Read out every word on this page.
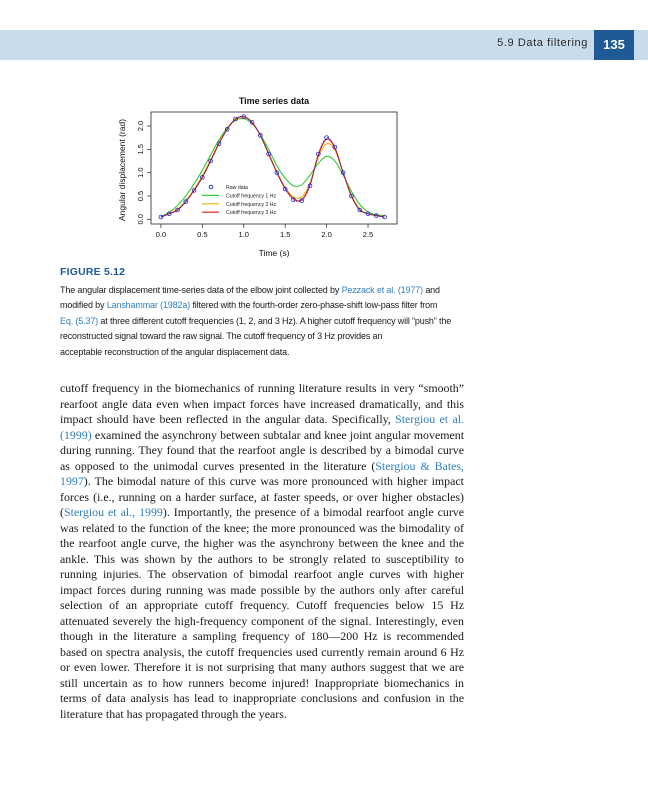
5.9 Data filtering	135
Time series data
0.0	0.5	1.0	1.5	2.0	2.5
0.0
0.5
1.0
1.5
2.0
Raw data
Cutoff frequency 1 Hz
Cutoff frequency 2 Hz
Cutoff frequency 3 Hz
Time (s)
Angular displacement (rad)
FIGURE 5.12
The angular displacement time-series data of the elbow joint collected by Pezzack et al. (1977) and
modified by Lanshammar (1982a) filtered with the fourth-order zero-phase-shift low-pass filter from
Eq. (5.37) at three different cutoff frequencies (1, 2, and 3 Hz). A higher cutoff frequency will “push” the
reconstructed signal toward the raw signal. The cutoff frequency of 3 Hz provides an
acceptable reconstruction of the angular displacement data.
cutoff frequency in the biomechanics of running literature results in very “smooth” rearfoot angle data even when impact forces have increased dramatically, and this impact should have been reflected in the angular data. Specifically, Stergiou et al. (1999) examined the asynchrony between subtalar and knee joint angular movement during running. They found that the rearfoot angle is described by a bimodal curve as opposed to the unimodal curves presented in the literature (Stergiou & Bates, 1997). The bimodal nature of this curve was more pronounced with higher impact forces (i.e., running on a harder surface, at faster speeds, or over higher obstacles) (Stergiou et al., 1999). Importantly, the presence of a bimodal rearfoot angle curve was related to the function of the knee; the more pronounced was the bimodality of the rearfoot angle curve, the higher was the asynchrony between the knee and the ankle. This was shown by the authors to be strongly related to susceptibility to running injuries. The observation of bimodal rearfoot angle curves with higher impact forces during running was made possible by the authors only after careful selection of an appropriate cutoff frequency. Cutoff frequencies below 15 Hz attenuated severely the high-frequency component of the signal. Interestingly, even though in the literature a sampling frequency of 180—200 Hz is recommended based on spectra analysis, the cutoff frequencies used currently remain around 6 Hz or even lower. Therefore it is not surprising that many authors suggest that we are still uncertain as to how runners become injured! Inappropriate biomechanics in terms of data analysis has lead to inappropriate conclusions and confusion in the literature that has propagated through the years.
